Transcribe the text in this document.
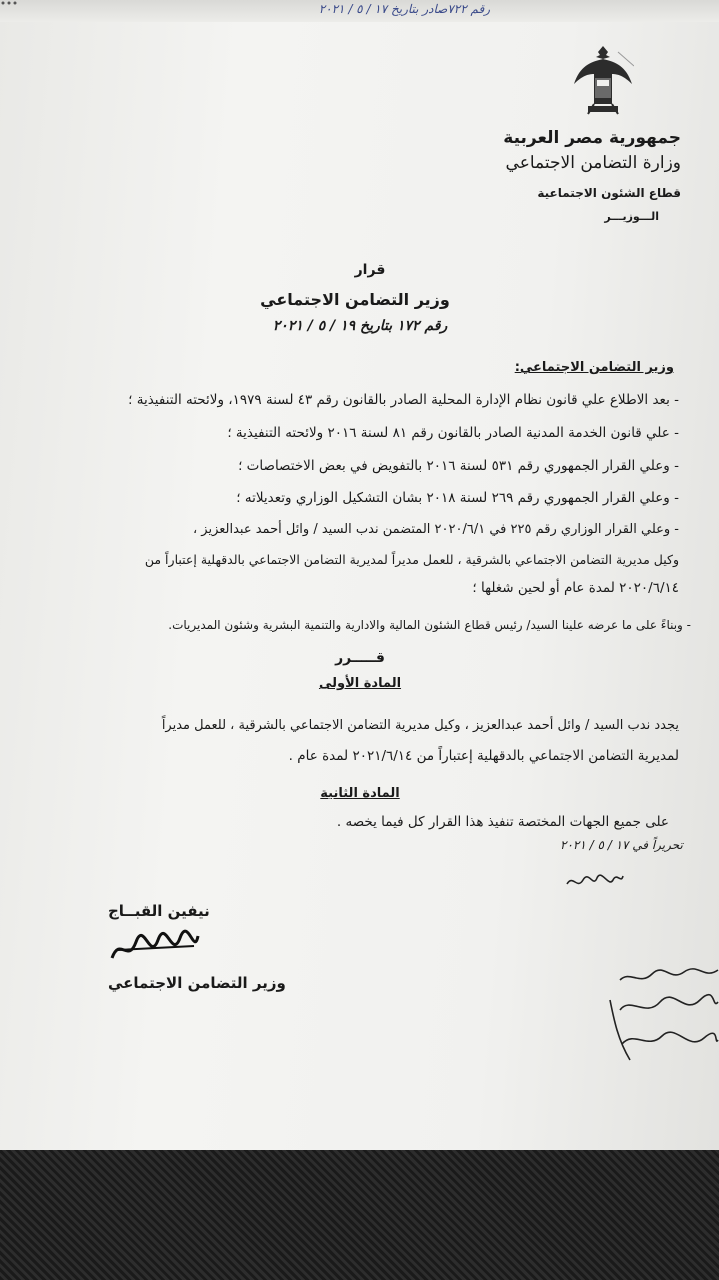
رقم ٧٢٢صادر بتاريخ ١٧ / ٥ / ٢٠٢١
جمهورية مصر العربية
وزارة التضامن الاجتماعي
قطاع الشئون الاجتماعية
الـــوزيـــر
قرار
وزير التضامن الاجتماعي
رقم ١٧٢ بتاريخ ١٩ / ٥ / ٢٠٢١
وزير التضامن الاجتماعي:
- بعد الاطلاع علي قانون نظام الإدارة المحلية الصادر بالقانون رقم ٤٣ لسنة ١٩٧٩، ولائحته التنفيذية ؛
- علي قانون الخدمة المدنية الصادر بالقانون رقم ٨١ لسنة ٢٠١٦ ولائحته التنفيذية ؛
- وعلي القرار الجمهوري رقم ٥٣١ لسنة ٢٠١٦ بالتفويض في بعض الاختصاصات ؛
- وعلي القرار الجمهوري رقم ٢٦٩ لسنة ٢٠١٨ بشان التشكيل الوزاري وتعديلاته ؛
- وعلي القرار الوزاري رقم ٢٢٥ في ٢٠٢٠/٦/١ المتضمن ندب السيد / وائل أحمد عبدالعزيز ،
وكيل مديرية التضامن الاجتماعي بالشرقية ، للعمل مديراً لمديرية التضامن الاجتماعي بالدقهلية إعتباراً من
٢٠٢٠/٦/١٤ لمدة عام أو لحين شغلها ؛
- وبناءً على ما عرضه علينا السيد/ رئيس قطاع الشئون المالية والادارية والتنمية البشرية وشئون المديريات.
قـــــرر
المادة الأولى
يجدد ندب السيد / وائل أحمد عبدالعزيز ، وكيل مديرية التضامن الاجتماعي بالشرقية ، للعمل مديراً
لمديرية التضامن الاجتماعي بالدقهلية إعتباراً من ٢٠٢١/٦/١٤ لمدة عام .
المادة الثانية
على جميع الجهات المختصة تنفيذ هذا القرار كل فيما يخصه .
تحريراً في ١٧ / ٥ / ٢٠٢١
نيفين القبــاج
وزير التضامن الاجتماعي
